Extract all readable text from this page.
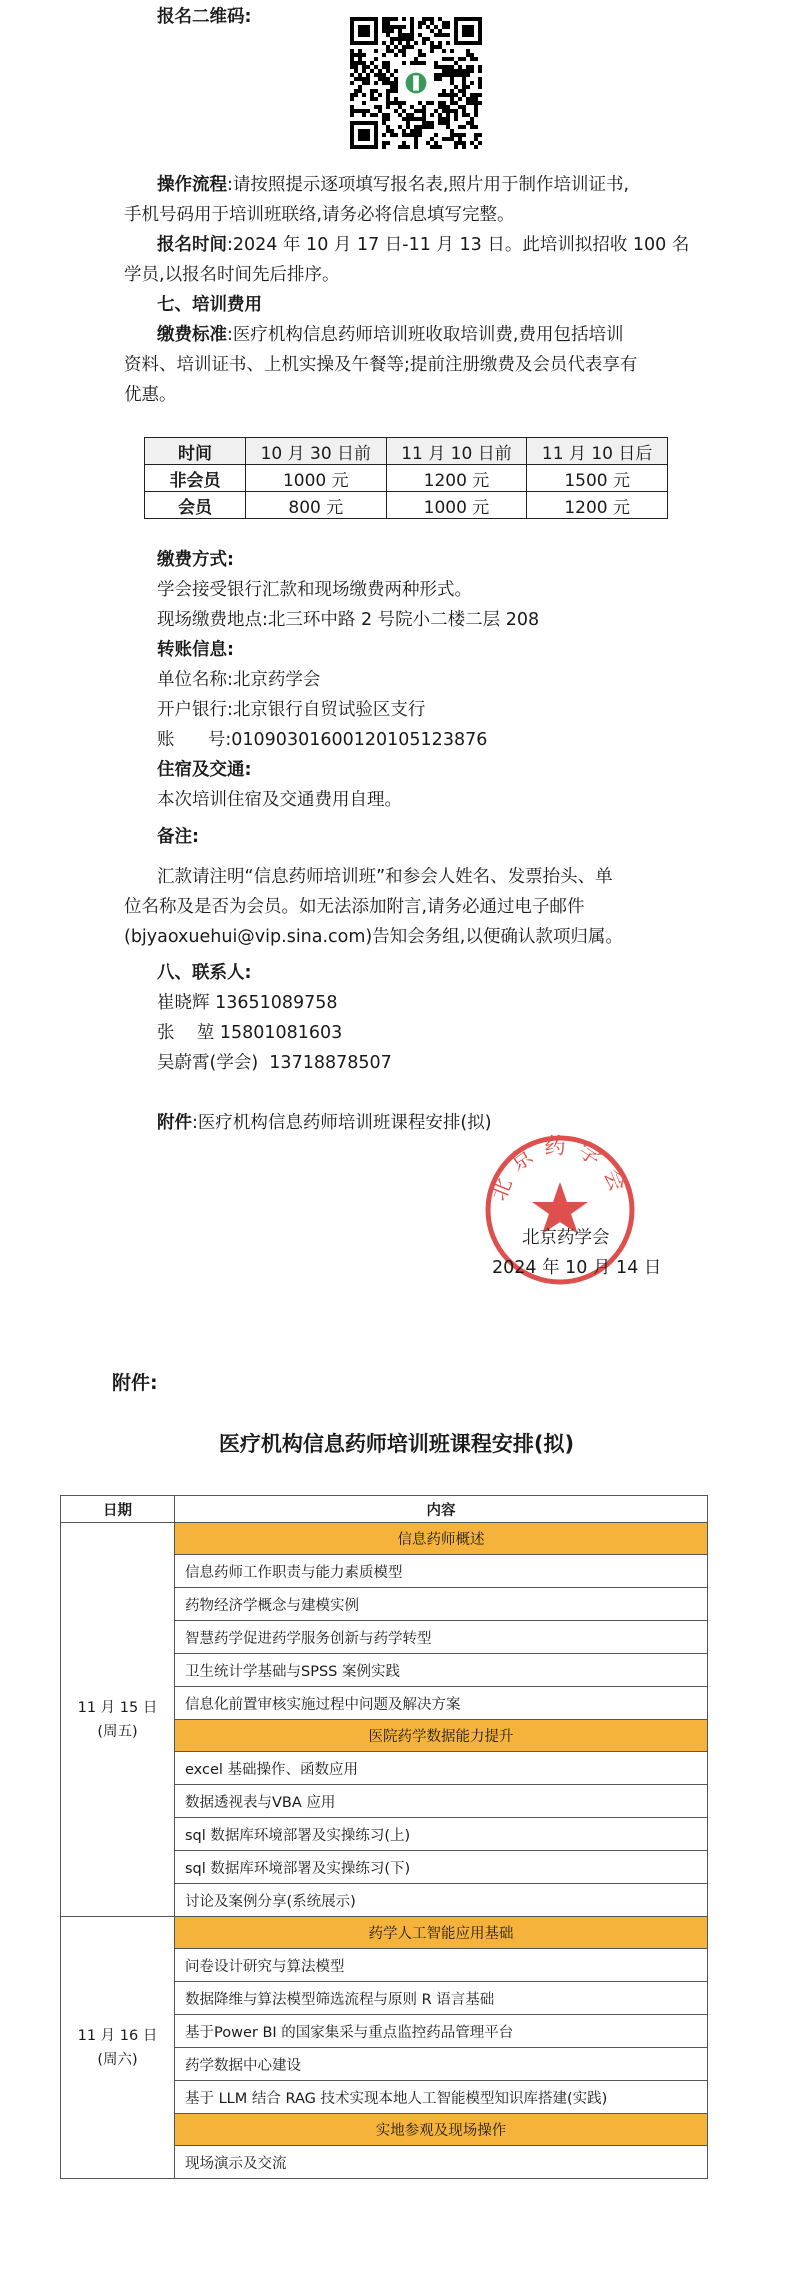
报名二维码:
操作流程:请按照提示逐项填写报名表,照片用于制作培训证书,
手机号码用于培训班联络,请务必将信息填写完整。
报名时间:2024 年 10 月 17 日-11 月 13 日。此培训拟招收 100 名
学员,以报名时间先后排序。
七、培训费用
缴费标准:医疗机构信息药师培训班收取培训费,费用包括培训
资料、培训证书、上机实操及午餐等;提前注册缴费及会员代表享有
优惠。
时间	10 月 30 日前	11 月 10 日前	11 月 10 日后
非会员	1000 元	1200 元	1500 元
会员	800 元	1000 元	1200 元
缴费方式:
学会接受银行汇款和现场缴费两种形式。
现场缴费地点:北三环中路 2 号院小二楼二层 208
转账信息:
单位名称:北京药学会
开户银行:北京银行自贸试验区支行
账      号:01090301600120105123876
住宿及交通:
本次培训住宿及交通费用自理。
备注:
汇款请注明“信息药师培训班”和参会人姓名、发票抬头、单
位名称及是否为会员。如无法添加附言,请务必通过电子邮件
(bjyaoxuehui@vip.sina.com)告知会务组,以便确认款项归属。
八、联系人:
崔晓辉 13651089758
张    堃 15801081603
吴蔚霄(学会) 13718878507
附件:医疗机构信息药师培训班课程安排(拟)
北京药学会
北京药学会
2024 年 10 月 14 日
附件:
医疗机构信息药师培训班课程安排(拟)
日期	内容
11 月 15 日
(周五)	信息药师概述
	信息药师工作职责与能力素质模型
	药物经济学概念与建模实例
	智慧药学促进药学服务创新与药学转型
	卫生统计学基础与SPSS 案例实践
	信息化前置审核实施过程中问题及解决方案
	医院药学数据能力提升
	excel 基础操作、函数应用
	数据透视表与VBA 应用
	sql 数据库环境部署及实操练习(上)
	sql 数据库环境部署及实操练习(下)
	讨论及案例分享(系统展示)
11 月 16 日
(周六)	药学人工智能应用基础
	问卷设计研究与算法模型
	数据降维与算法模型筛选流程与原则 R 语言基础
	基于Power BI 的国家集采与重点监控药品管理平台
	药学数据中心建设
	基于 LLM 结合 RAG 技术实现本地人工智能模型知识库搭建(实践)
	实地参观及现场操作
	现场演示及交流
